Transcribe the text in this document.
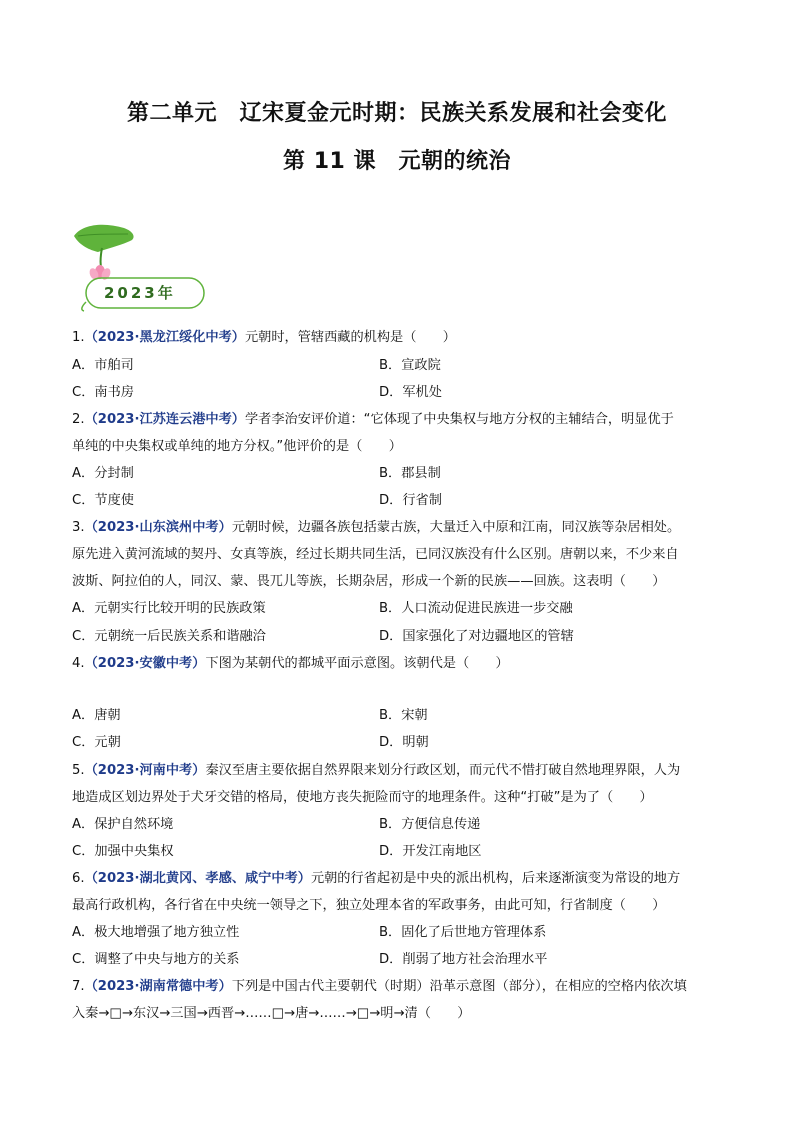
第二单元　辽宋夏金元时期：民族关系发展和社会变化
第 11 课　元朝的统治
2023年
1.（2023·黑龙江绥化中考）元朝时，管辖西藏的机构是（　　）
A．市舶司	B．宣政院
C．南书房	D．军机处
2.（2023·江苏连云港中考）学者李治安评价道：“它体现了中央集权与地方分权的主辅结合，明显优于
单纯的中央集权或单纯的地方分权。”他评价的是（　　）
A．分封制	B．郡县制
C．节度使	D．行省制
3.（2023·山东滨州中考）元朝时候，边疆各族包括蒙古族，大量迁入中原和江南，同汉族等杂居相处。
原先进入黄河流域的契丹、女真等族，经过长期共同生活，已同汉族没有什么区别。唐朝以来，不少来自
波斯、阿拉伯的人，同汉、蒙、畏兀儿等族，长期杂居，形成一个新的民族——回族。这表明（　　）
A．元朝实行比较开明的民族政策	B．人口流动促进民族进一步交融
C．元朝统一后民族关系和谐融洽	D．国家强化了对边疆地区的管辖
4.（2023·安徽中考）下图为某朝代的都城平面示意图。该朝代是（　　）
A．唐朝	B．宋朝
C．元朝	D．明朝
5.（2023·河南中考）秦汉至唐主要依据自然界限来划分行政区划，而元代不惜打破自然地理界限，人为
地造成区划边界处于犬牙交错的格局，使地方丧失扼险而守的地理条件。这种“打破”是为了（　　）
A．保护自然环境	B．方便信息传递
C．加强中央集权	D．开发江南地区
6.（2023·湖北黄冈、孝感、咸宁中考）元朝的行省起初是中央的派出机构，后来逐渐演变为常设的地方
最高行政机构，各行省在中央统一领导之下，独立处理本省的军政事务，由此可知，行省制度（　　）
A．极大地增强了地方独立性	B．固化了后世地方管理体系
C．调整了中央与地方的关系	D．削弱了地方社会治理水平
7.（2023·湖南常德中考）下列是中国古代主要朝代（时期）沿革示意图（部分），在相应的空格内依次填
入秦→□→东汉→三国→西晋→……□→唐→……→□→明→清（　　）
